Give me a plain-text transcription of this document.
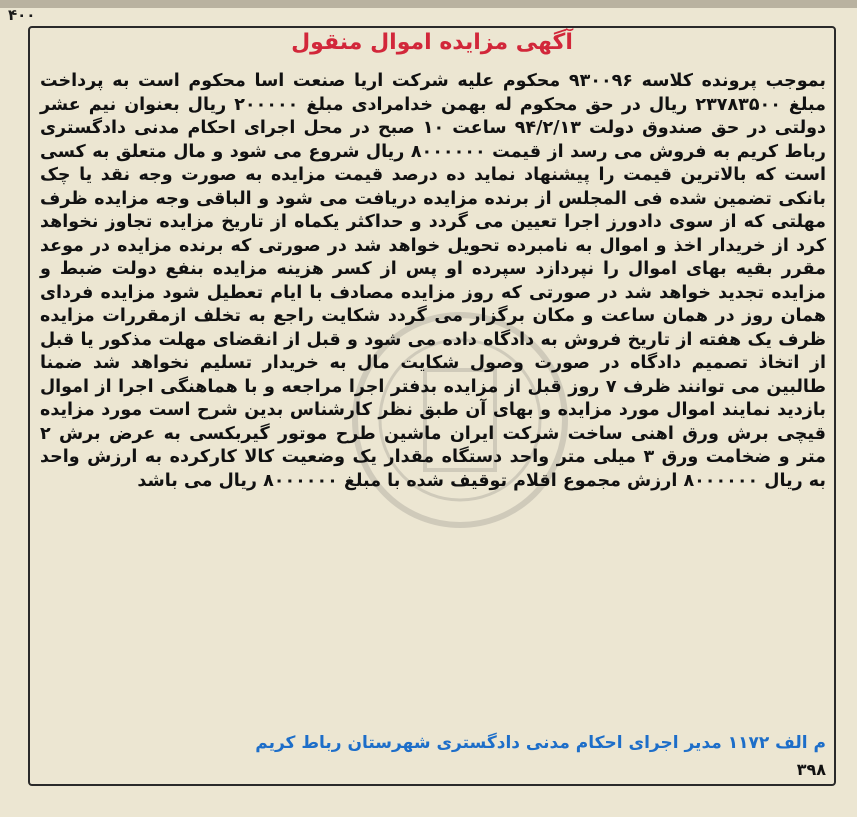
۴۰۰
آگهی مزایده اموال منقول

بموجب پرونده کلاسه ۹۳۰۰۹۶ محکوم علیه شرکت اریا صنعت اسا محکوم است به پرداخت مبلغ ۲۳۷۸۳۵۰۰ ریال در حق محکوم له بهمن خدامرادی مبلغ ۲۰۰۰۰۰ ریال بعنوان نیم عشر دولتی در حق صندوق دولت ۹۴/۲/۱۳ ساعت ۱۰ صبح در محل اجرای احکام مدنی دادگستری رباط کریم به فروش می رسد از قیمت ۸۰۰۰۰۰۰ ریال شروع می شود و مال متعلق به کسی است که بالاترین قیمت را پیشنهاد نماید ده درصد قیمت مزایده به صورت وجه نقد یا چک بانکی تضمین شده فی المجلس از برنده مزایده دریافت می شود و الباقی وجه مزایده ظرف مهلتی که از سوی دادورز اجرا تعیین می گردد و حداکثر یکماه از تاریخ مزایده تجاوز نخواهد کرد از خریدار اخذ و اموال به نامبرده تحویل خواهد شد در صورتی که برنده مزایده در موعد مقرر بقیه بهای اموال را نپردازد سپرده او پس از کسر هزینه مزایده بنفع دولت ضبط و مزایده تجدید خواهد شد در صورتی که روز مزایده مصادف با ایام تعطیل شود مزایده فردای همان روز در همان ساعت و مکان برگزار می گردد شکایت راجع به تخلف ازمقررات مزایده ظرف یک هفته از تاریخ فروش به دادگاه داده می شود و قبل از انقضای مهلت مذکور یا قبل از اتخاذ تصمیم دادگاه در صورت وصول شکایت مال به خریدار تسلیم نخواهد شد ضمنا طالبین می توانند ظرف ۷ روز قبل از مزایده بدفتر اجرا مراجعه و با هماهنگی اجرا از اموال بازدید نمایند اموال مورد مزایده و بهای آن طبق نظر کارشناس بدین شرح است مورد مزایده قیچی برش ورق اهنی ساخت شرکت ایران ماشین طرح موتور گیربکسی به عرض برش ۲ متر و ضخامت ورق ۳ میلی متر واحد دستگاه مقدار یک وضعیت کالا کارکرده به ارزش واحد به ریال ۸۰۰۰۰۰۰ ارزش مجموع اقلام توقیف شده با مبلغ ۸۰۰۰۰۰۰ ریال می باشد

م الف ۱۱۷۲ مدیر اجرای احکام مدنی دادگستری شهرستان رباط کریم
۳۹۸
